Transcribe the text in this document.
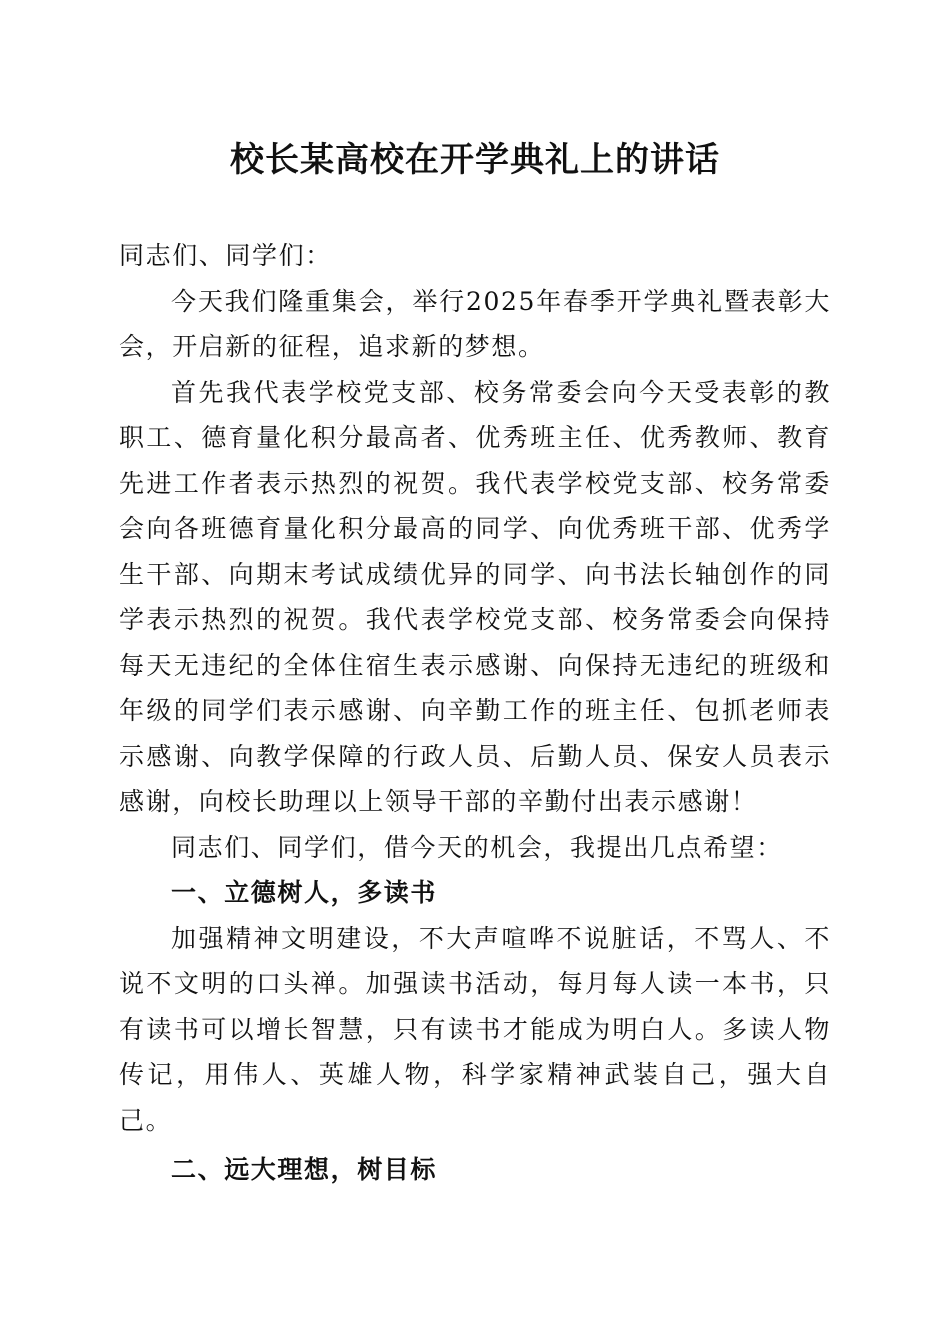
校长某高校在开学典礼上的讲话

同志们、同学们：

今天我们隆重集会，举行2025年春季开学典礼暨表彰大会，开启新的征程，追求新的梦想。

首先我代表学校党支部、校务常委会向今天受表彰的教职工、德育量化积分最高者、优秀班主任、优秀教师、教育先进工作者表示热烈的祝贺。我代表学校党支部、校务常委会向各班德育量化积分最高的同学、向优秀班干部、优秀学生干部、向期末考试成绩优异的同学、向书法长轴创作的同学表示热烈的祝贺。我代表学校党支部、校务常委会向保持每天无违纪的全体住宿生表示感谢、向保持无违纪的班级和年级的同学们表示感谢、向辛勤工作的班主任、包抓老师表示感谢、向教学保障的行政人员、后勤人员、保安人员表示感谢，向校长助理以上领导干部的辛勤付出表示感谢！

同志们、同学们，借今天的机会，我提出几点希望：

一、立德树人，多读书

加强精神文明建设，不大声喧哗不说脏话，不骂人、不说不文明的口头禅。加强读书活动，每月每人读一本书，只有读书可以增长智慧，只有读书才能成为明白人。多读人物传记，用伟人、英雄人物，科学家精神武装自己，强大自己。

二、远大理想，树目标
